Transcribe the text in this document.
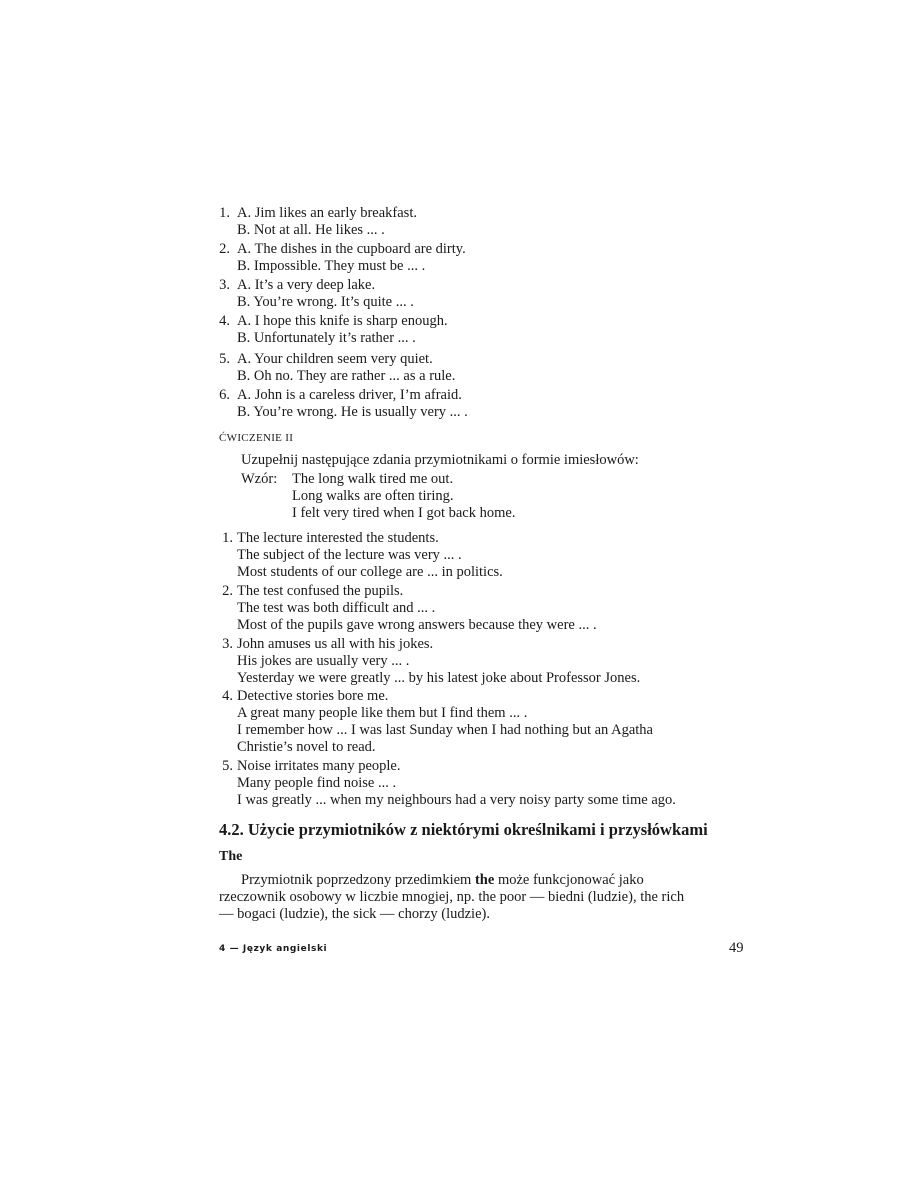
1. A. Jim likes an early breakfast.
B. Not at all. He likes ... .
2. A. The dishes in the cupboard are dirty.
B. Impossible. They must be ... .
3. A. It’s a very deep lake.
B. You’re wrong. It’s quite ... .
4. A. I hope this knife is sharp enough.
B. Unfortunately it’s rather ... .
5. A. Your children seem very quiet.
B. Oh no. They are rather ... as a rule.
6. A. John is a careless driver, I’m afraid.
B. You’re wrong. He is usually very ... .
ĆWICZENIE II
Uzupełnij następujące zdania przymiotnikami o formie imiesłowów:
Wzór: The long walk tired me out.
Long walks are often tiring.
I felt very tired when I got back home.
1. The lecture interested the students.
The subject of the lecture was very ... .
Most students of our college are ... in politics.
2. The test confused the pupils.
The test was both difficult and ... .
Most of the pupils gave wrong answers because they were ... .
3. John amuses us all with his jokes.
His jokes are usually very ... .
Yesterday we were greatly ... by his latest joke about Professor Jones.
4. Detective stories bore me.
A great many people like them but I find them ... .
I remember how ... I was last Sunday when I had nothing but an Agatha
Christie’s novel to read.
5. Noise irritates many people.
Many people find noise ... .
I was greatly ... when my neighbours had a very noisy party some time ago.
4.2. Użycie przymiotników z niektórymi określnikami i przysłówkami
The
Przymiotnik poprzedzony przedimkiem the może funkcjonować jako
rzeczownik osobowy w liczbie mnogiej, np. the poor — biedni (ludzie), the rich
— bogaci (ludzie), the sick — chorzy (ludzie).
4 — Język angielski	49
